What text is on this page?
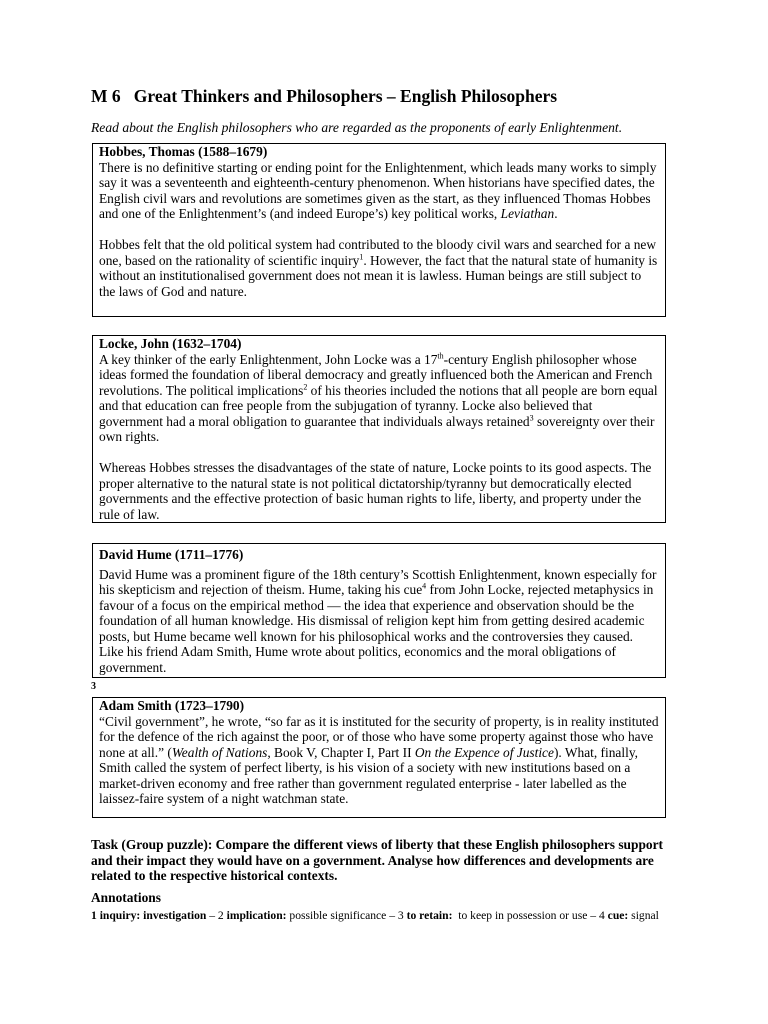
M 6   Great Thinkers and Philosophers – English Philosophers

Read about the English philosophers who are regarded as the proponents of early Enlightenment.

Hobbes, Thomas (1588–1679)

There is no definitive starting or ending point for the Enlightenment, which leads many works to simply say it was a seventeenth and eighteenth-century phenomenon. When historians have specified dates, the English civil wars and revolutions are sometimes given as the start, as they influenced Thomas Hobbes and one of the Enlightenment’s (and indeed Europe’s) key political works, Leviathan.

Hobbes felt that the old political system had contributed to the bloody civil wars and searched for a new one, based on the rationality of scientific inquiry$^1$. However, the fact that the natural state of humanity is without an institutionalised government does not mean it is lawless. Human beings are still subject to the laws of God and nature.

Locke, John (1632–1704)

A key thinker of the early Enlightenment, John Locke was a 17th-century English philosopher whose ideas formed the foundation of liberal democracy and greatly influenced both the American and French revolutions. The political implications$^2$ of his theories included the notions that all people are born equal and that education can free people from the subjugation of tyranny. Locke also believed that government had a moral obligation to guarantee that individuals always retained$^3$ sovereignty over their own rights.

Whereas Hobbes stresses the disadvantages of the state of nature, Locke points to its good aspects. The proper alternative to the natural state is not political dictatorship/tyranny but democratically elected governments and the effective protection of basic human rights to life, liberty, and property under the rule of law.

David Hume (1711–1776)

David Hume was a prominent figure of the 18th century’s Scottish Enlightenment, known especially for his skepticism and rejection of theism. Hume, taking his cue$^4$ from John Locke, rejected metaphysics in favour of a focus on the empirical method — the idea that experience and observation should be the foundation of all human knowledge. His dismissal of religion kept him from getting desired academic posts, but Hume became well known for his philosophical works and the controversies they caused. Like his friend Adam Smith, Hume wrote about politics, economics and the moral obligations of government.

3
Adam Smith (1723–1790)

“Civil government”, he wrote, “so far as it is instituted for the security of property, is in reality instituted for the defence of the rich against the poor, or of those who have some property against those who have none at all.” (Wealth of Nations, Book V, Chapter I, Part II On the Expence of Justice). What, finally, Smith called the system of perfect liberty, is his vision of a society with new institutions based on a market-driven economy and free rather than government regulated enterprise - later labelled as the laissez-faire system of a night watchman state.

Task (Group puzzle): Compare the different views of liberty that these English philosophers support and their impact they would have on a government. Analyse how differences and developments are related to the respective historical contexts.

Annotations

1 inquiry: investigation – 2 implication: possible significance – 3 to retain:  to keep in possession or use – 4 cue: signal
